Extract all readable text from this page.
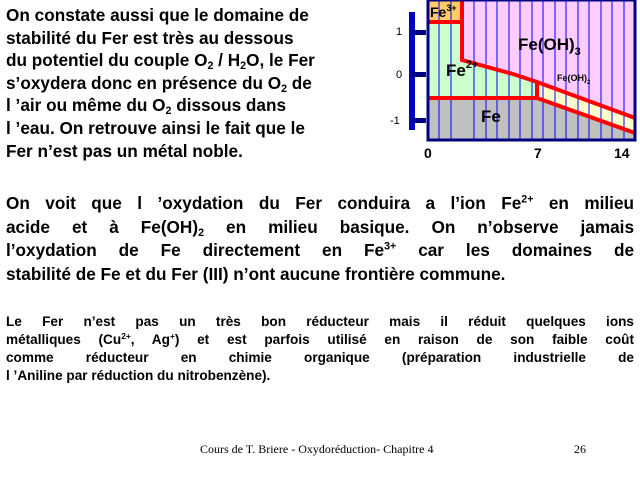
On constate aussi que le domaine de
stabilité du Fer est très au dessous
du potentiel du couple $O_2 / H_2O$, le Fer
s’oxydera donc en présence du $O_2$ de
l ’air ou même du $O_2$ dissous dans
l ’eau. On retrouve ainsi le fait que le
Fer n’est pas un métal noble.
1
0
-1
0	7	14
$Fe^{3+}$
$Fe(OH)_3$
$Fe^{2+}$
$Fe(OH)_2$
Fe
On voit que l ’oxydation du Fer conduira a l’ion $Fe^{2+}$ en milieu
acide et à $Fe(OH)_2$ en milieu basique. On n’observe jamais
l’oxydation de Fe directement en $Fe^{3+}$ car les domaines de
stabilité de Fe et du Fer (III) n’ont aucune frontière commune.
Le Fer n’est pas un très bon réducteur mais il réduit quelques ions
métalliques ($Cu^{2+}$, Ag+) et est parfois utilisé en raison de son faible coût
comme réducteur en chimie organique (préparation industrielle de
l ’Aniline par réduction du nitrobenzène).
Cours de T. Briere - Oxydoréduction- Chapitre 4	26
